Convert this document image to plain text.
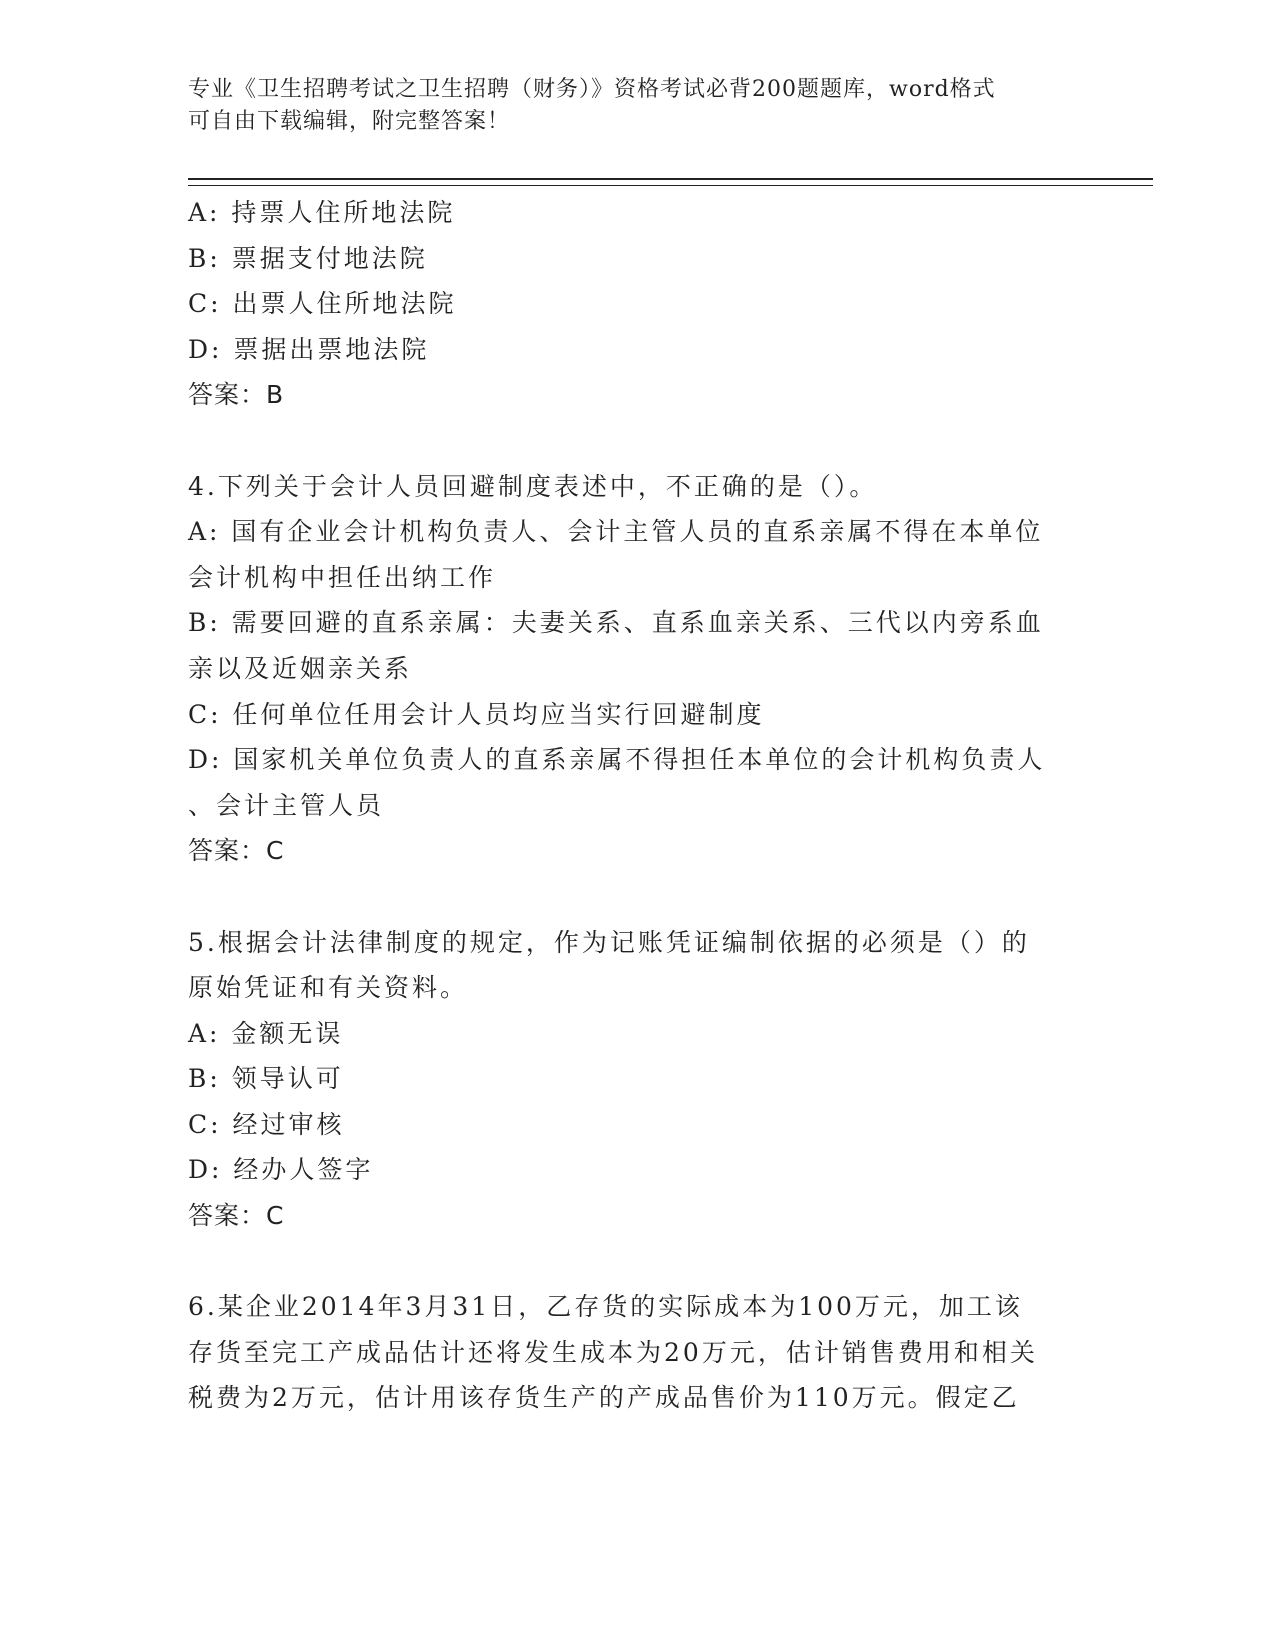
专业《卫生招聘考试之卫生招聘（财务）》资格考试必背200题题库，word格式
可自由下载编辑，附完整答案！
A: 持票人住所地法院
B: 票据支付地法院
C: 出票人住所地法院
D: 票据出票地法院
答案：B
4.下列关于会计人员回避制度表述中，不正确的是（）。
A: 国有企业会计机构负责人、会计主管人员的直系亲属不得在本单位
会计机构中担任出纳工作
B: 需要回避的直系亲属：夫妻关系、直系血亲关系、三代以内旁系血
亲以及近姻亲关系
C: 任何单位任用会计人员均应当实行回避制度
D: 国家机关单位负责人的直系亲属不得担任本单位的会计机构负责人
、会计主管人员
答案：C
5.根据会计法律制度的规定，作为记账凭证编制依据的必须是（）的
原始凭证和有关资料。
A: 金额无误
B: 领导认可
C: 经过审核
D: 经办人签字
答案：C
6.某企业2014年3月31日，乙存货的实际成本为100万元，加工该
存货至完工产成品估计还将发生成本为20万元，估计销售费用和相关
税费为2万元，估计用该存货生产的产成品售价为110万元。假定乙
